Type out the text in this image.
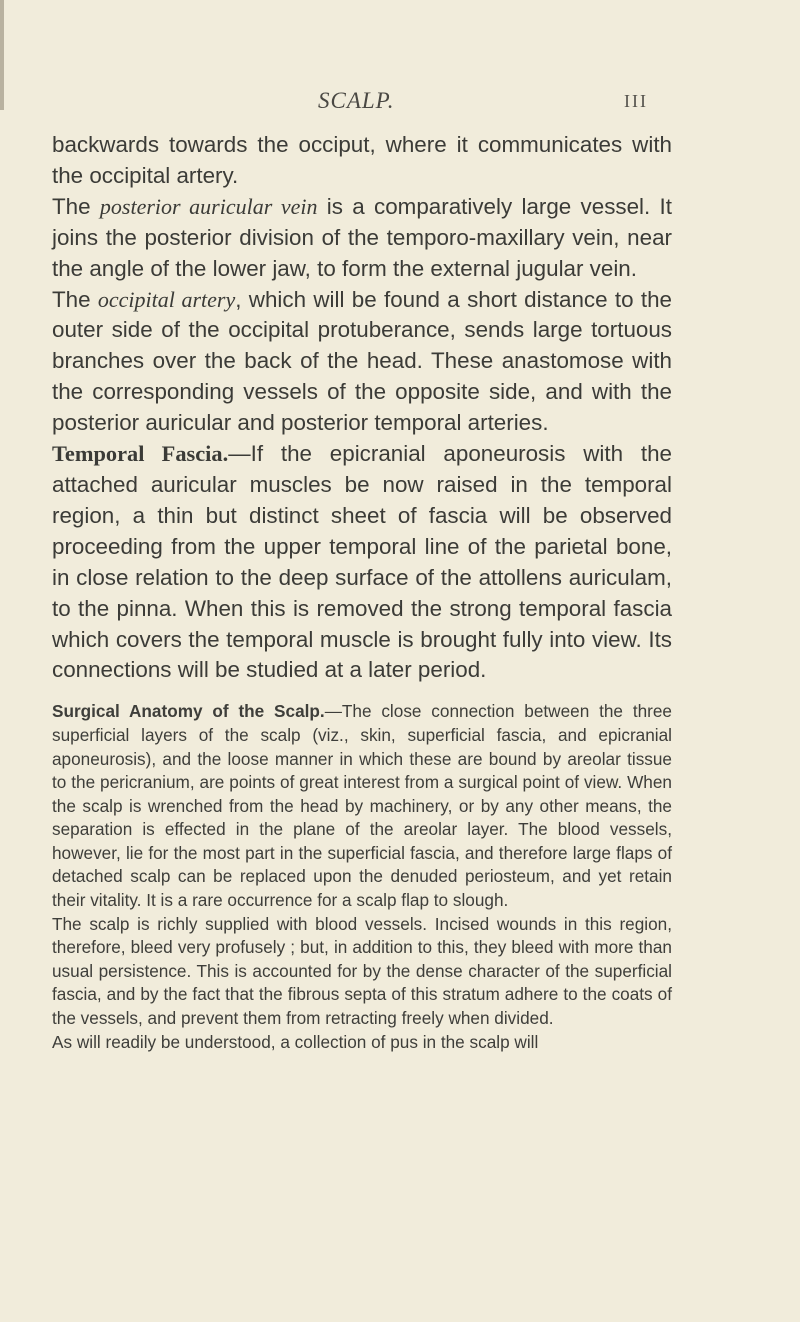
SCALP.	III

backwards towards the occiput, where it communicates with the occipital artery.

The posterior auricular vein is a comparatively large vessel. It joins the posterior division of the temporo-maxillary vein, near the angle of the lower jaw, to form the external jugular vein.

The occipital artery, which will be found a short distance to the outer side of the occipital protuberance, sends large tortuous branches over the back of the head. These anastomose with the corresponding vessels of the opposite side, and with the posterior auricular and posterior temporal arteries.

Temporal Fascia.—If the epicranial aponeurosis with the attached auricular muscles be now raised in the temporal region, a thin but distinct sheet of fascia will be observed proceeding from the upper temporal line of the parietal bone, in close relation to the deep surface of the attollens auriculam, to the pinna. When this is removed the strong temporal fascia which covers the temporal muscle is brought fully into view. Its connections will be studied at a later period.

Surgical Anatomy of the Scalp.—The close connection between the three superficial layers of the scalp (viz., skin, superficial fascia, and epicranial aponeurosis), and the loose manner in which these are bound by areolar tissue to the pericranium, are points of great interest from a surgical point of view. When the scalp is wrenched from the head by machinery, or by any other means, the separation is effected in the plane of the areolar layer. The blood vessels, however, lie for the most part in the superficial fascia, and therefore large flaps of detached scalp can be replaced upon the denuded periosteum, and yet retain their vitality. It is a rare occurrence for a scalp flap to slough.

The scalp is richly supplied with blood vessels. Incised wounds in this region, therefore, bleed very profusely ; but, in addition to this, they bleed with more than usual persistence. This is accounted for by the dense character of the superficial fascia, and by the fact that the fibrous septa of this stratum adhere to the coats of the vessels, and prevent them from retracting freely when divided.

As will readily be understood, a collection of pus in the scalp will
